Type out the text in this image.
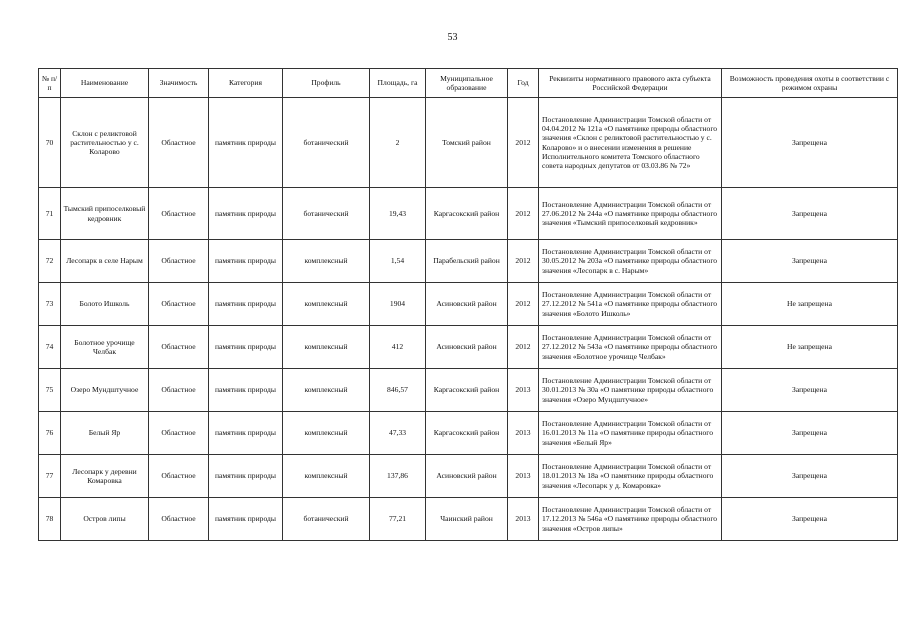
53
№ п/п	Наименование	Значимость	Категория	Профиль	Площадь, га	Муниципальное образование	Год	Реквизиты нормативного правового акта субъекта Российской Федерации	Возможность проведения охоты в соответствии с режимом охраны
70	Склон с реликтовой растительностью у с. Коларово	Областное	памятник природы	ботанический	2	Томский район	2012	Постановление Администрации Томской области от 04.04.2012 № 121а «О памятнике природы областного значения «Склон с реликтовой растительностью у с. Коларово» и о внесении изменения в решение Исполнительного комитета Томского областного совета народных депутатов от 03.03.86 № 72»	Запрещена
71	Тымский припоселковый кедровник	Областное	памятник природы	ботанический	19,43	Каргасокский район	2012	Постановление Администрации Томской области от 27.06.2012 № 244а «О памятнике природы областного значения «Тымский припоселковый кедровник»	Запрещена
72	Лесопарк в селе Нарым	Областное	памятник природы	комплексный	1,54	Парабельский район	2012	Постановление Администрации Томской области от 30.05.2012 № 203а «О памятнике природы областного значения «Лесопарк в с. Нарым»	Запрещена
73	Болото Ишколь	Областное	памятник природы	комплексный	1904	Асиновский район	2012	Постановление Администрации Томской области от 27.12.2012 № 541а «О памятнике природы областного значения «Болото Ишколь»	Не запрещена
74	Болотное урочище Челбак	Областное	памятник природы	комплексный	412	Асиновский район	2012	Постановление Администрации Томской области от 27.12.2012 № 543а «О памятнике природы областного значения «Болотное урочище Челбак»	Не запрещена
75	Озеро Мундштучное	Областное	памятник природы	комплексный	846,57	Каргасокский район	2013	Постановление Администрации Томской области от 30.01.2013 № 30а «О памятнике природы областного значения «Озеро Мундштучное»	Запрещена
76	Белый Яр	Областное	памятник природы	комплексный	47,33	Каргасокский район	2013	Постановление Администрации Томской области от 16.01.2013 № 11а «О памятнике природы областного значения «Белый Яр»	Запрещена
77	Лесопарк у деревни Комаровка	Областное	памятник природы	комплексный	137,86	Асиновский район	2013	Постановление Администрации Томской области от 18.01.2013 № 18а «О памятнике природы областного значения «Лесопарк у д. Комаровка»	Запрещена
78	Остров липы	Областное	памятник природы	ботанический	77,21	Чаинский район	2013	Постановление Администрации Томской области от 17.12.2013 № 546а «О памятнике природы областного значения «Остров липы»	Запрещена
